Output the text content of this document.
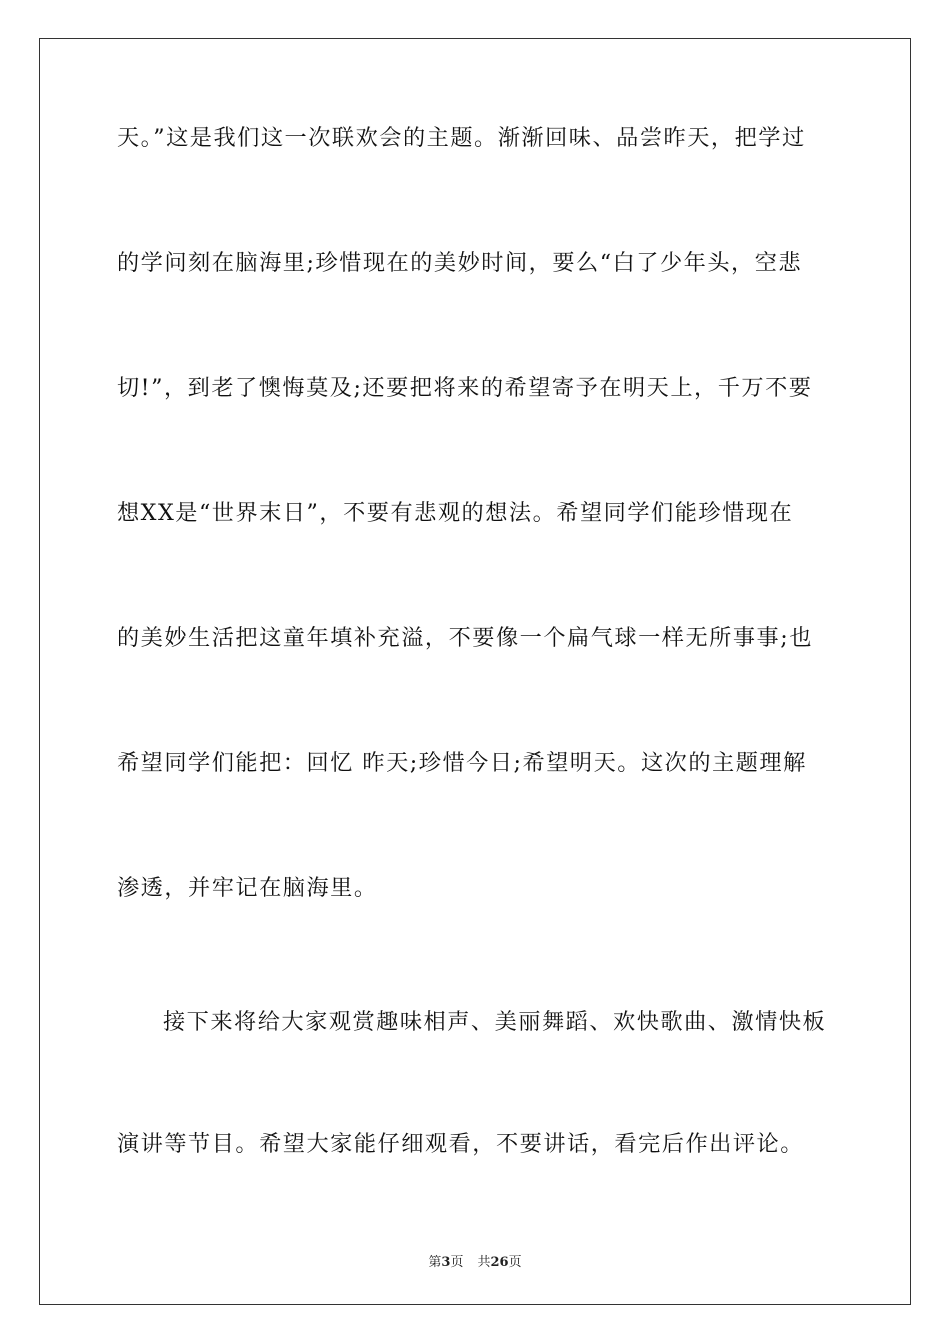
天。”这是我们这一次联欢会的主题。渐渐回味、品尝昨天，把学过
的学问刻在脑海里;珍惜现在的美妙时间，要么“白了少年头，空悲
切!”，到老了懊悔莫及;还要把将来的希望寄予在明天上，千万不要
想XX是“世界末日”，不要有悲观的想法。希望同学们能珍惜现在
的美妙生活把这童年填补充溢，不要像一个扁气球一样无所事事;也
希望同学们能把：回忆 昨天;珍惜今日;希望明天。这次的主题理解
渗透，并牢记在脑海里。
接下来将给大家观赏趣味相声、美丽舞蹈、欢快歌曲、激情快板
演讲等节目。希望大家能仔细观看，不要讲话，看完后作出评论。
第3页 共26页
